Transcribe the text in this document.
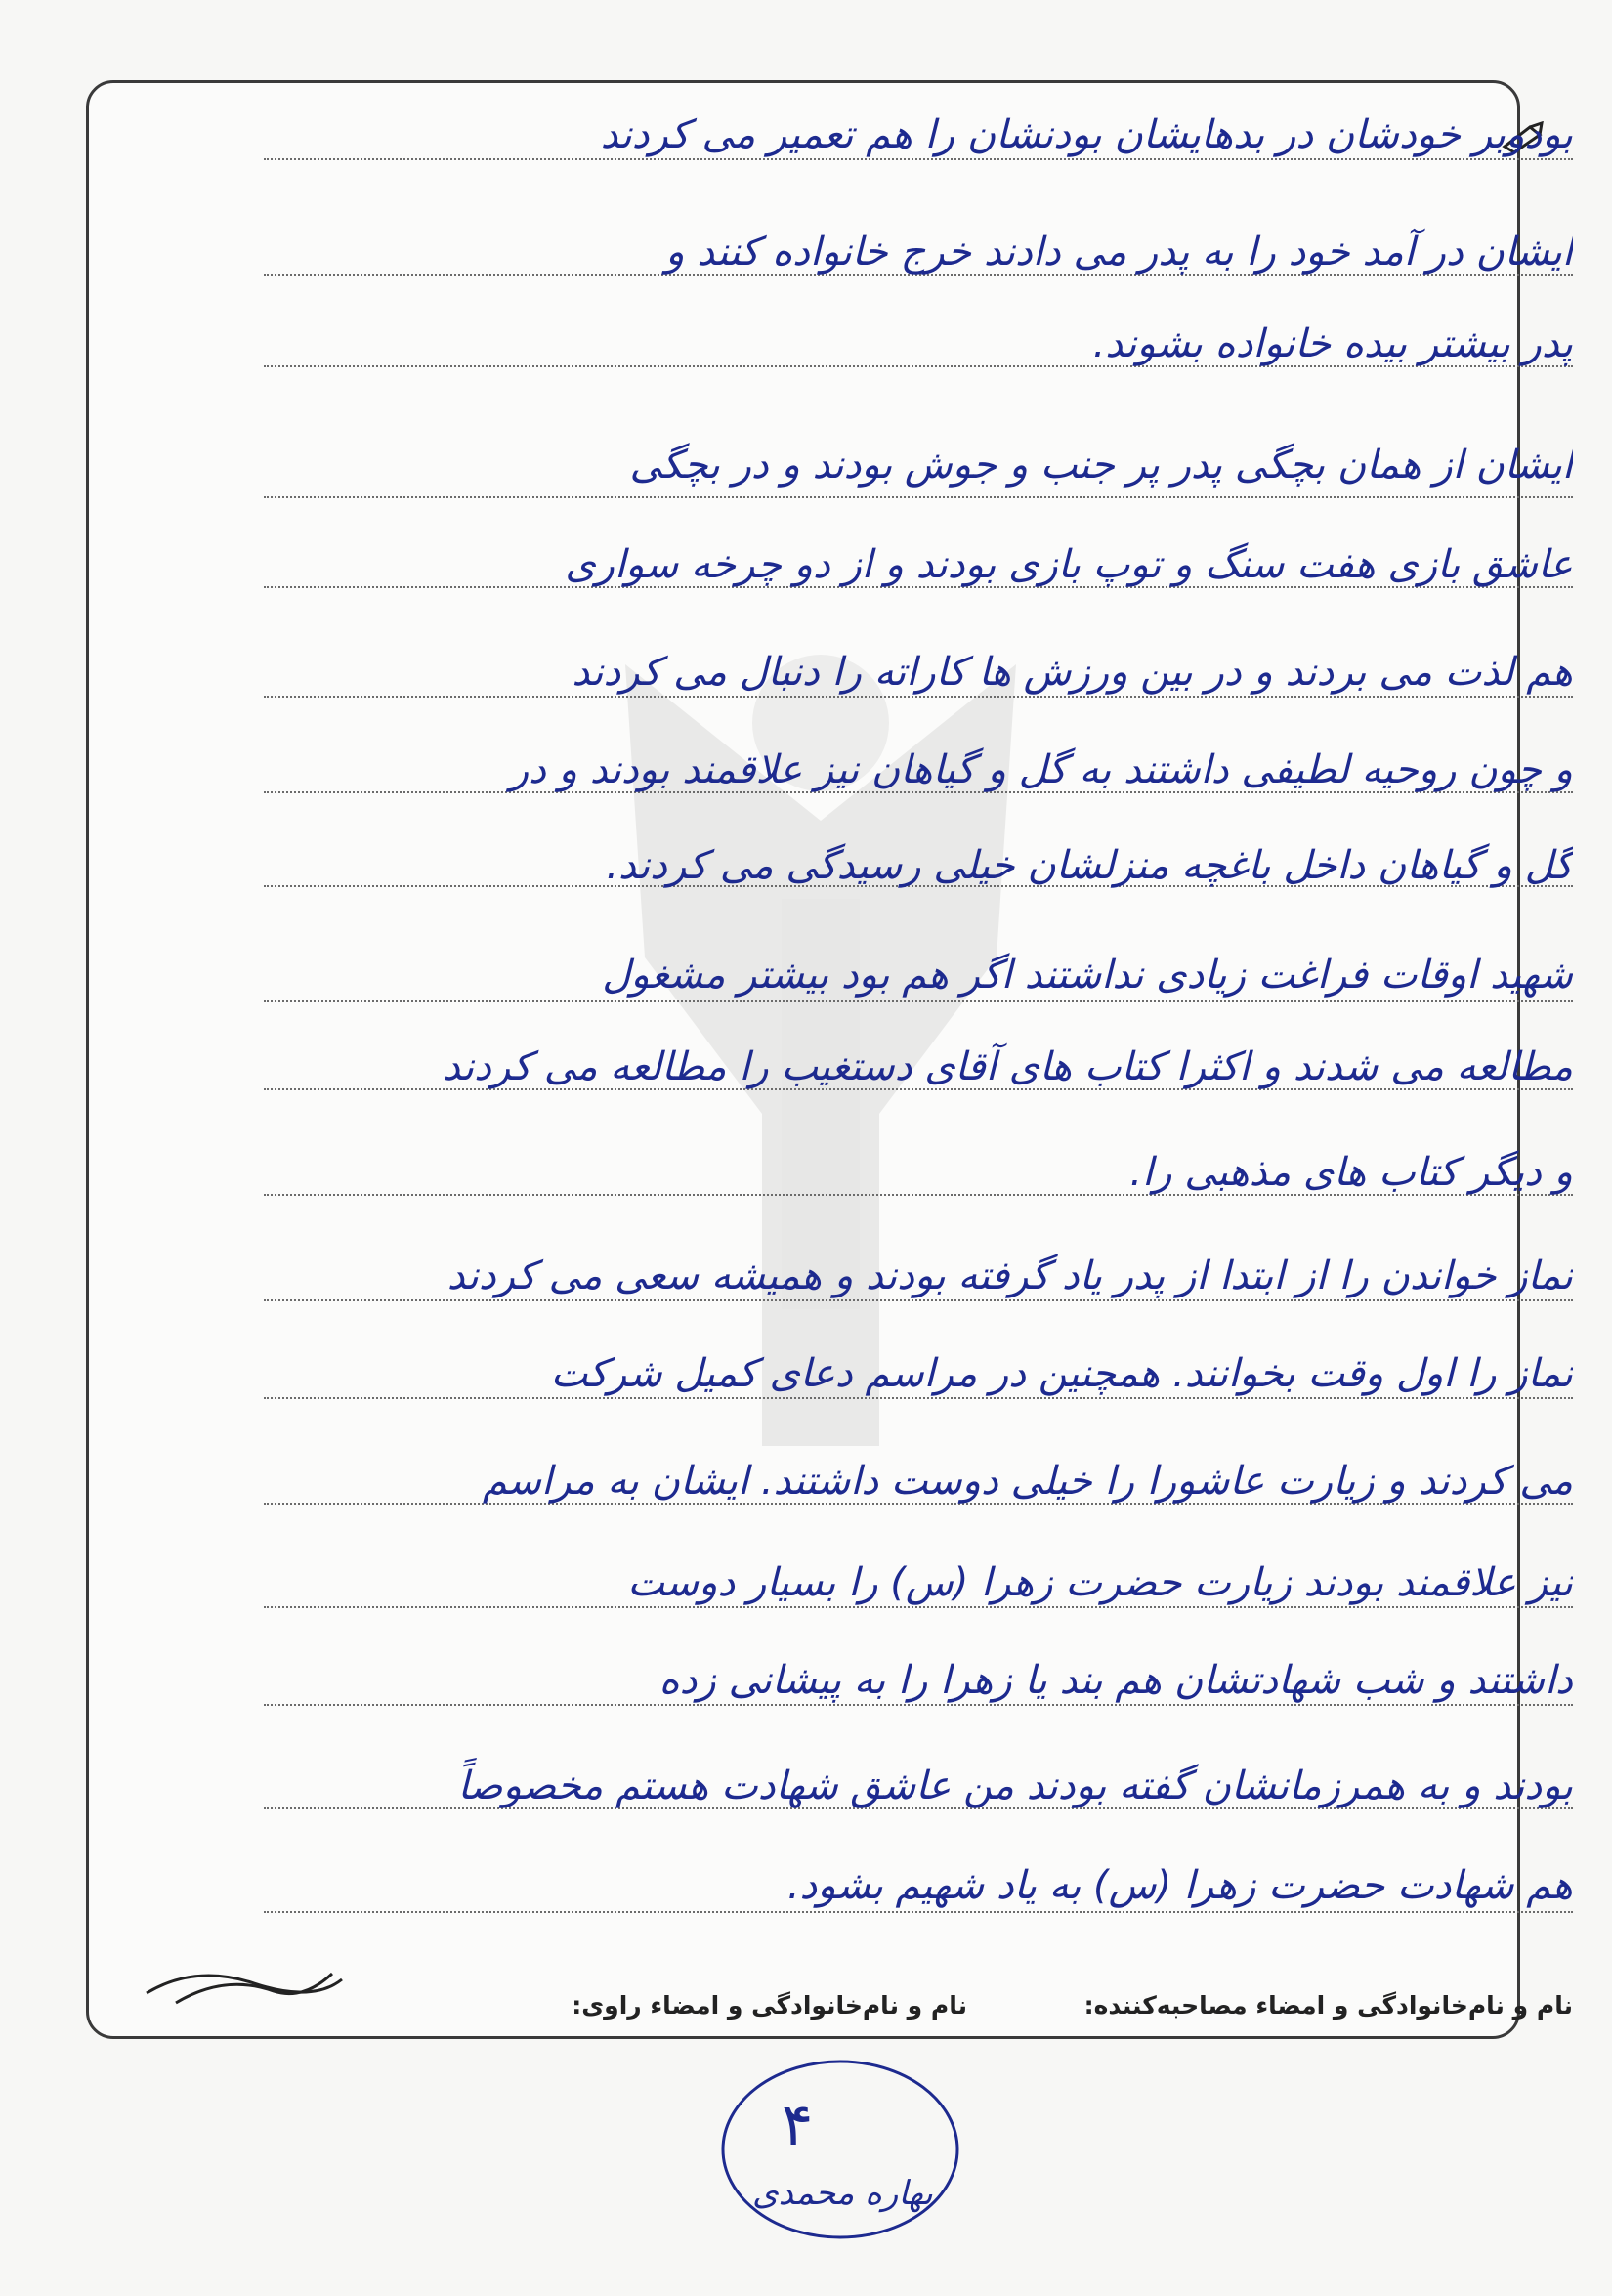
بودوبر خودشان در بدهایشان بودنشان را هم تعمیر می کردند
ایشان در آمد خود را به پدر می دادند خرج خانواده کنند و
پدر بیشتر بیده خانواده بشوند.
ایشان از همان بچگی پدر پر جنب و جوش بودند و در بچگی
عاشق بازی هفت سنگ و توپ بازی بودند و از دو چرخه سواری
هم لذت می بردند و در بین ورزش ها کاراته را دنبال می کردند
و چون روحیه لطیفی داشتند به گل و گیاهان نیز علاقمند بودند و در
گل و گیاهان داخل باغچه منزلشان خیلی رسیدگی می کردند.
شهید اوقات فراغت زیادی نداشتند اگر هم بود بیشتر مشغول
مطالعه می شدند و اکثرا کتاب های آقای دستغیب را مطالعه می کردند
و دیگر کتاب های مذهبی را.
نماز خواندن را از ابتدا از پدر یاد گرفته بودند و همیشه سعی می کردند
نماز را اول وقت بخوانند. همچنین در مراسم دعای کمیل شرکت
می کردند و زیارت عاشورا را خیلی دوست داشتند. ایشان به مراسم
نیز علاقمند بودند زیارت حضرت زهرا (س) را بسیار دوست
داشتند و شب شهادتشان هم بند یا زهرا را به پیشانی زده
بودند و به همرزمانشان گفته بودند من عاشق شهادت هستم مخصوصاً
هم شهادت حضرت زهرا (س) به یاد شهیم بشود.
نام و نام‌خانوادگی و امضاء مصاحبه‌کننده:
نام و نام‌خانوادگی و امضاء راوی:
۴
بهاره محمدی
